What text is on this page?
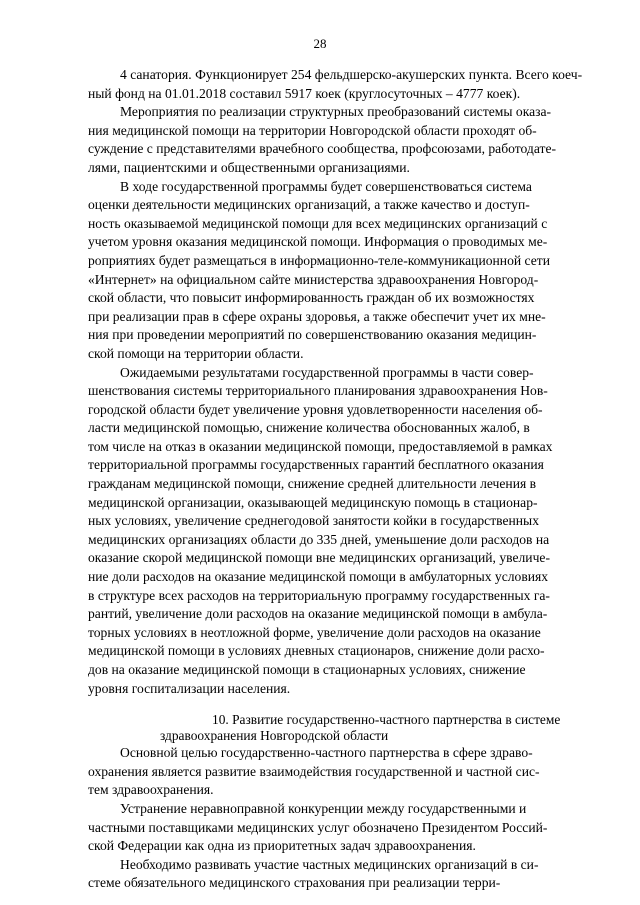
28
4 санатория. Функционирует 254 фельдшерско-акушерских пункта. Всего коеч-
ный фонд на 01.01.2018 составил 5917 коек (круглосуточных – 4777 коек).
Мероприятия по реализации структурных преобразований системы оказа-
ния медицинской помощи на территории Новгородской области проходят об-
суждение с представителями врачебного сообщества, профсоюзами, работодате-
лями, пациентскими и общественными организациями.
В ходе государственной программы будет совершенствоваться система
оценки деятельности медицинских организаций, а также качество и доступ-
ность оказываемой медицинской помощи для всех медицинских организаций с
учетом уровня оказания медицинской помощи. Информация о проводимых ме-
роприятиях будет размещаться в информационно-теле-коммуникационной сети
«Интернет» на официальном сайте министерства здравоохранения Новгород-
ской области, что повысит информированность граждан об их возможностях
при реализации прав в сфере охраны здоровья, а также обеспечит учет их мне-
ния при проведении мероприятий по совершенствованию оказания медицин-
ской помощи на территории области.
Ожидаемыми результатами государственной программы в части совер-
шенствования системы территориального планирования здравоохранения Нов-
городской области будет увеличение уровня удовлетворенности населения об-
ласти медицинской помощью, снижение количества обоснованных жалоб, в
том числе на отказ в оказании медицинской помощи, предоставляемой в рамках
территориальной программы государственных гарантий бесплатного оказания
гражданам медицинской помощи, снижение средней длительности лечения в
медицинской организации, оказывающей медицинскую помощь в стационар-
ных условиях, увеличение среднегодовой занятости койки в государственных
медицинских организациях области до 335 дней, уменьшение доли расходов на
оказание скорой медицинской помощи вне медицинских организаций, увеличе-
ние доли расходов на оказание медицинской помощи в амбулаторных условиях
в структуре всех расходов на территориальную программу государственных га-
рантий, увеличение доли расходов на оказание медицинской помощи в амбула-
торных условиях в неотложной форме, увеличение доли расходов на оказание
медицинской помощи в условиях дневных стационаров, снижение доли расхо-
дов на оказание медицинской помощи в стационарных условиях, снижение
уровня госпитализации населения.
10. Развитие государственно-частного партнерства в системе
здравоохранения Новгородской области
Основной целью государственно-частного партнерства в сфере здраво-
охранения является развитие взаимодействия государственной и частной сис-
тем здравоохранения.
Устранение неравноправной конкуренции между государственными и
частными поставщиками медицинских услуг обозначено Президентом Россий-
ской Федерации как одна из приоритетных задач здравоохранения.
Необходимо развивать участие частных медицинских организаций в си-
стеме обязательного медицинского страхования при реализации терри-
